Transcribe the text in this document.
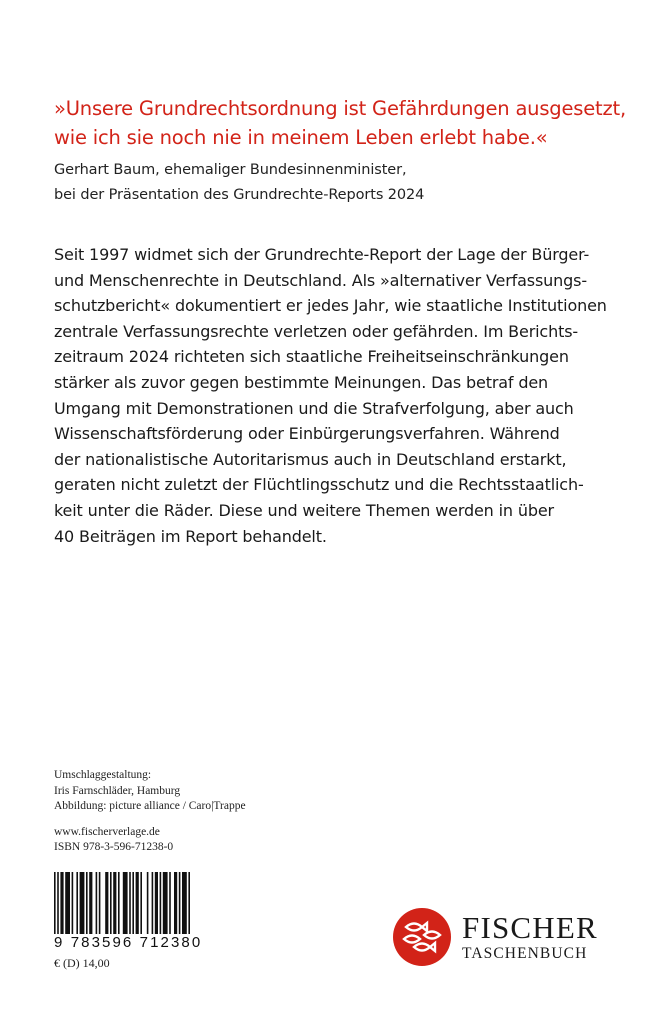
»Unsere Grundrechtsordnung ist Gefährdungen ausgesetzt,
wie ich sie noch nie in meinem Leben erlebt habe.«
Gerhart Baum, ehemaliger Bundesinnenminister,
bei der Präsentation des Grundrechte-Reports 2024
Seit 1997 widmet sich der Grundrechte-Report der Lage der Bürger-
und Menschenrechte in Deutschland. Als »alternativer Verfassungs-
schutzbericht« dokumentiert er jedes Jahr, wie staatliche Institutionen
zentrale Verfassungsrechte verletzen oder gefährden. Im Berichts-
zeitraum 2024 richteten sich staatliche Freiheitseinschränkungen
stärker als zuvor gegen bestimmte Meinungen. Das betraf den
Umgang mit Demonstrationen und die Strafverfolgung, aber auch
Wissenschaftsförderung oder Einbürgerungsverfahren. Während
der nationalistische Autoritarismus auch in Deutschland erstarkt,
geraten nicht zuletzt der Flüchtlingsschutz und die Rechtsstaatlich-
keit unter die Räder. Diese und weitere Themen werden in über
40 Beiträgen im Report behandelt.
Umschlaggestaltung:
Iris Farnschläder, Hamburg
Abbildung: picture alliance / Caro|Trappe
www.fischerverlage.de
ISBN 978-3-596-71238-0
9 783596 712380
€ (D) 14,00
FISCHER
TASCHENBUCH
